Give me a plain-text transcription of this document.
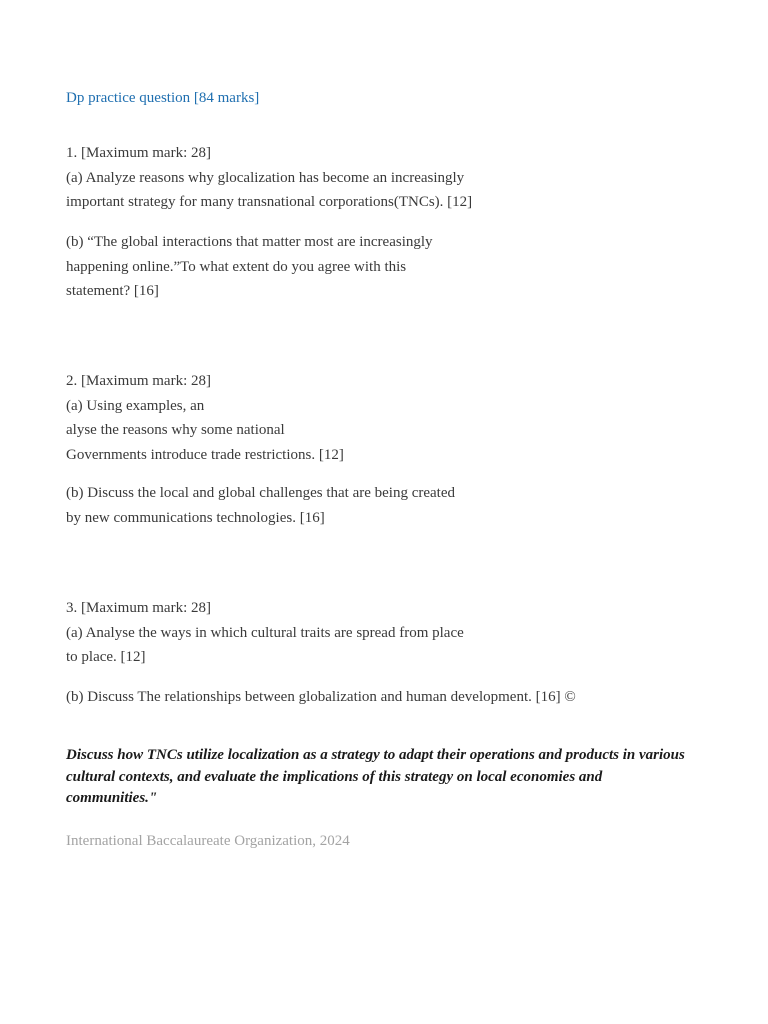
Dp practice question [84 marks]
1. [Maximum mark: 28]
(a) Analyze reasons why glocalization has become an increasingly
important strategy for many transnational corporations(TNCs). [12]
(b) “The global interactions that matter most are increasingly
happening online.”To what extent do you agree with this
statement? [16]
2. [Maximum mark: 28]
(a) Using examples, an
alyse the reasons why some national
Governments introduce trade restrictions. [12]
(b) Discuss the local and global challenges that are being created
by new communications technologies. [16]
3. [Maximum mark: 28]
(a) Analyse the ways in which cultural traits are spread from place
to place. [12]
(b) Discuss The relationships between globalization and human development. [16] ©
Discuss how TNCs utilize localization as a strategy to adapt their operations and products in various cultural contexts, and evaluate the implications of this strategy on local economies and communities."
International Baccalaureate Organization, 2024
